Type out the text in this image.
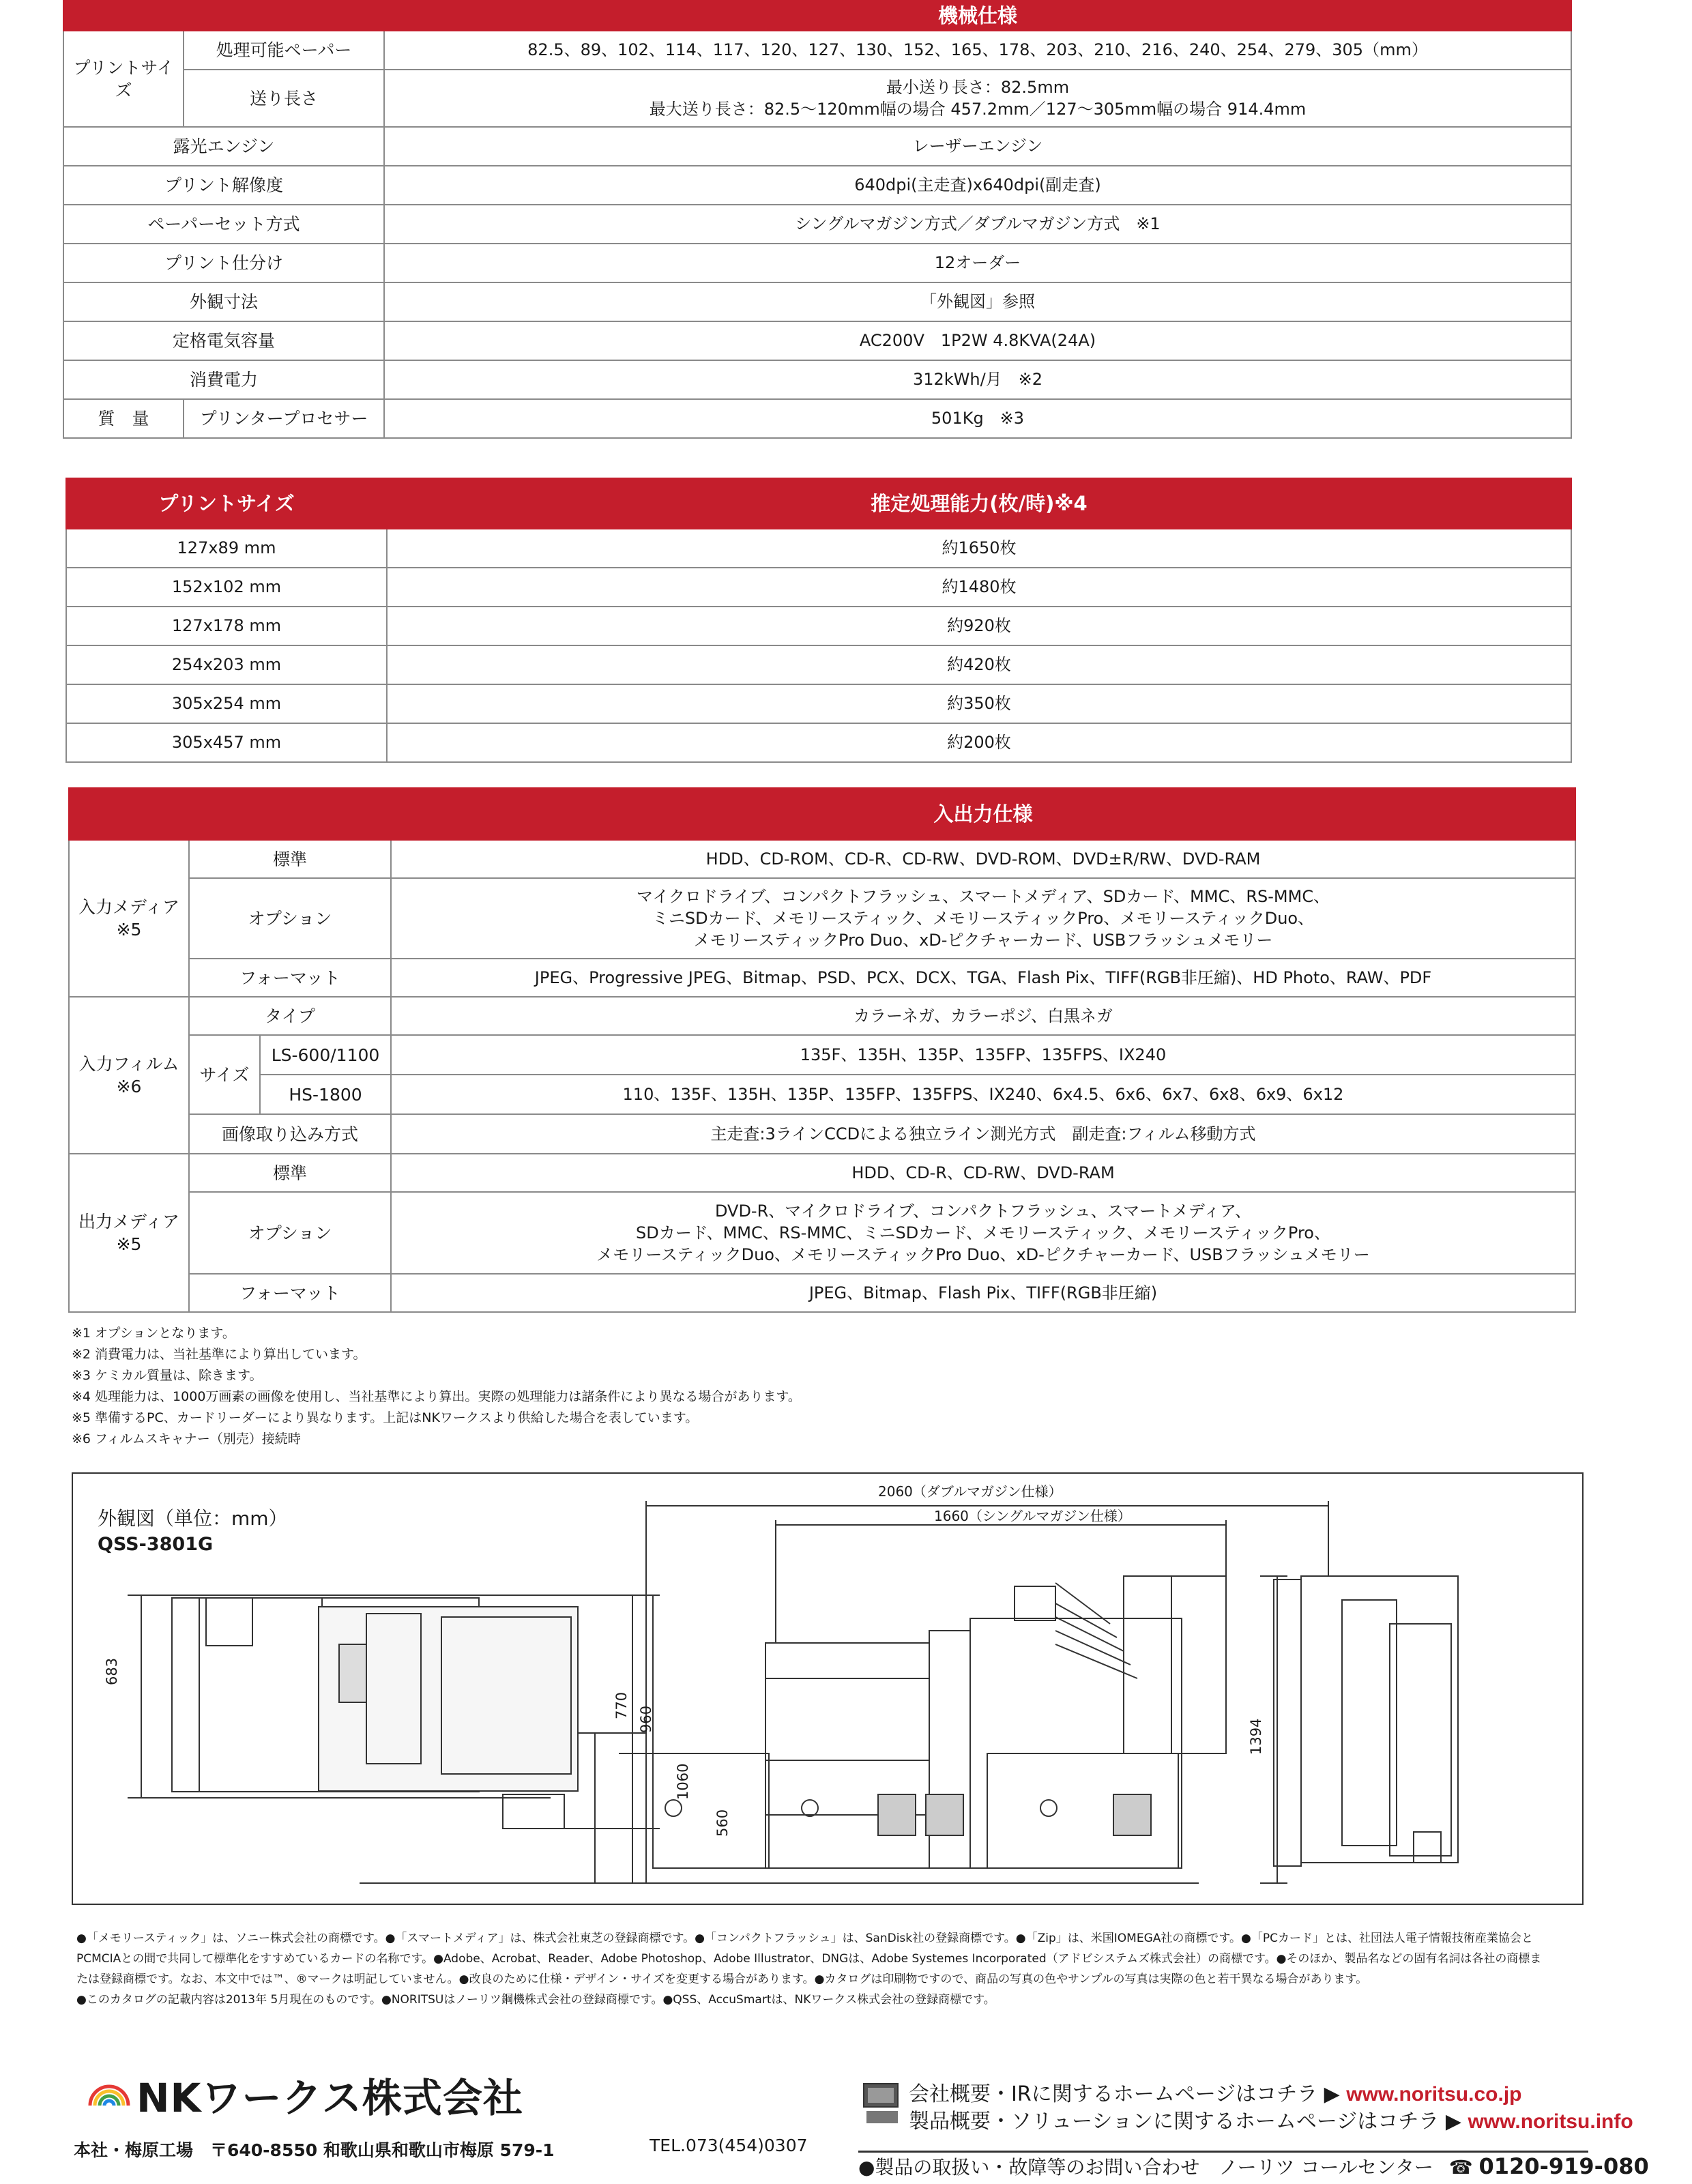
		機械仕様
プリントサイズ	処理可能ペーパー	82.5、89、102、114、117、120、127、130、152、165、178、203、210、216、240、254、279、305（mm）
	送り長さ	最小送り長さ：82.5mm
最大送り長さ：82.5～120mm幅の場合 457.2mm／127～305mm幅の場合 914.4mm

露光エンジン		レーザーエンジン
プリント解像度		640dpi(主走査)x640dpi(副走査)
ペーパーセット方式		シングルマガジン方式／ダブルマガジン方式　※1
プリント仕分け		12オーダー
外観寸法		「外観図」参照
定格電気容量		AC200V　1P2W 4.8KVA(24A)
消費電力		312kWh/月　※2
質　量	プリンタープロセサー	501Kg　※3
プリントサイズ	推定処理能力(枚/時)※4
127x89 mm	約1650枚
152x102 mm	約1480枚
127x178 mm	約920枚
254x203 mm	約420枚
305x254 mm	約350枚
305x457 mm	約200枚
			入出力仕様

入力メディア
※5	標準		HDD、CD-ROM、CD-R、CD-RW、DVD-ROM、DVD±R/RW、DVD-RAM
	オプション		マイクロドライブ、コンパクトフラッシュ、スマートメディア、SDカード、MMC、RS-MMC、
ミニSDカード、メモリースティック、メモリースティックPro、メモリースティックDuo、
メモリースティックPro Duo、xD-ピクチャーカード、USBフラッシュメモリー

	フォーマット		JPEG、Progressive JPEG、Bitmap、PSD、PCX、DCX、TGA、Flash Pix、TIFF(RGB非圧縮)、HD Photo、RAW、PDF

入力フィルム
※6	タイプ		カラーネガ、カラーポジ、白黒ネガ
	サイズ	LS-600/1100	135F、135H、135P、135FP、135FPS、IX240
		HS-1800	110、135F、135H、135P、135FP、135FPS、IX240、6x4.5、6x6、6x7、6x8、6x9、6x12
	画像取り込み方式		主走査:3ラインCCDによる独立ライン測光方式　副走査:フィルム移動方式

出力メディア
※5	標準		HDD、CD-R、CD-RW、DVD-RAM
	オプション		DVD-R、マイクロドライブ、コンパクトフラッシュ、スマートメディア、
SDカード、MMC、RS-MMC、ミニSDカード、メモリースティック、メモリースティックPro、
メモリースティックDuo、メモリースティックPro Duo、xD-ピクチャーカード、USBフラッシュメモリー

	フォーマット		JPEG、Bitmap、Flash Pix、TIFF(RGB非圧縮)
※1 オプションとなります。
※2 消費電力は、当社基準により算出しています。
※3 ケミカル質量は、除きます。
※4 処理能力は、1000万画素の画像を使用し、当社基準により算出。実際の処理能力は諸条件により異なる場合があります。
※5 準備するPC、カードリーダーにより異なります。上記はNKワークスより供給した場合を表しています。
※6 フィルムスキャナー（別売）接続時
外観図（単位：mm）
QSS-3801G
2060（ダブルマガジン仕様）
1660（シングルマガジン仕様）
683
770 960
1060
560
1394
●「メモリースティック」は、ソニー株式会社の商標です。●「スマートメディア」は、株式会社東芝の登録商標です。●「コンパクトフラッシュ」は、SanDisk社の登録商標です。●「Zip」は、米国IOMEGA社の商標です。●「PCカード」とは、社団法人電子情報技術産業協会と
PCMCIAとの間で共同して標準化をすすめているカードの名称です。●Adobe、Acrobat、Reader、Adobe Photoshop、Adobe Illustrator、DNGは、Adobe Systemes Incorporated（アドビシステムズ株式会社）の商標です。●そのほか、製品名などの固有名詞は各社の商標ま
たは登録商標です。なお、本文中では™、®マークは明記していません。●改良のために仕様・デザイン・サイズを変更する場合があります。●カタログは印刷物ですので、商品の写真の色やサンプルの写真は実際の色と若干異なる場合があります。
●このカタログの記載内容は2013年 5月現在のものです。●NORITSUはノーリツ鋼機株式会社の登録商標です。●QSS、AccuSmartは、NKワークス株式会社の登録商標です。
NKワークス株式会社
本社・梅原工場　〒640-8550 和歌山県和歌山市梅原 579-1	TEL.073(454)0307
会社概要・IRに関するホームページはコチラ ▶ www.noritsu.co.jp
製品概要・ソリューションに関するホームページはコチラ ▶ www.noritsu.info
●製品の取扱い・故障等のお問い合わせ　ノーリツ コールセンター ☎ 0120-919-080
